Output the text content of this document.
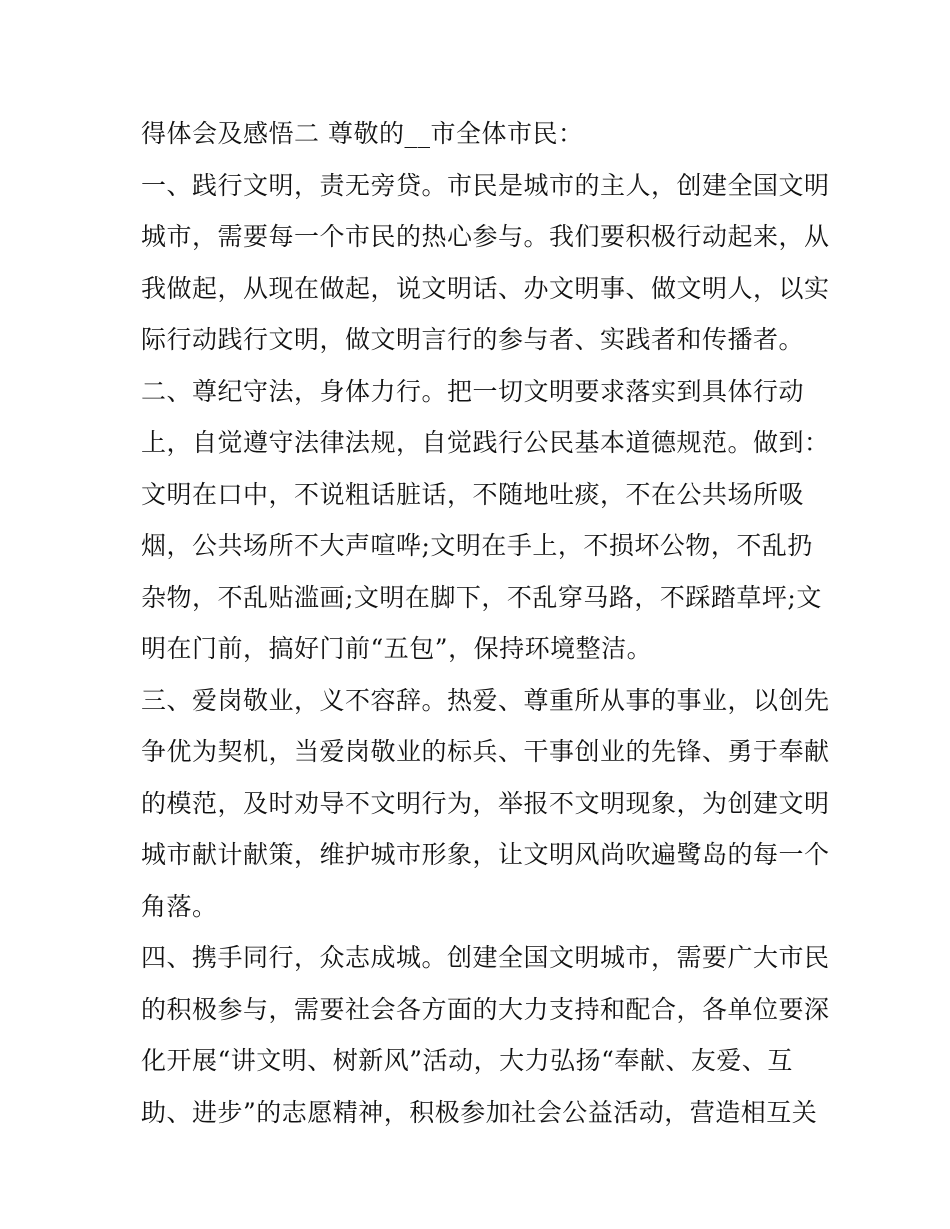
得体会及感悟二 尊敬的__市全体市民：
一、践行文明，责无旁贷。市民是城市的主人，创建全国文明
城市，需要每一个市民的热心参与。我们要积极行动起来，从
我做起，从现在做起，说文明话、办文明事、做文明人，以实
际行动践行文明，做文明言行的参与者、实践者和传播者。
二、尊纪守法，身体力行。把一切文明要求落实到具体行动
上，自觉遵守法律法规，自觉践行公民基本道德规范。做到：
文明在口中，不说粗话脏话，不随地吐痰，不在公共场所吸
烟，公共场所不大声喧哗;文明在手上，不损坏公物，不乱扔
杂物，不乱贴滥画;文明在脚下，不乱穿马路，不踩踏草坪;文
明在门前，搞好门前“五包”，保持环境整洁。
三、爱岗敬业，义不容辞。热爱、尊重所从事的事业，以创先
争优为契机，当爱岗敬业的标兵、干事创业的先锋、勇于奉献
的模范，及时劝导不文明行为，举报不文明现象，为创建文明
城市献计献策，维护城市形象，让文明风尚吹遍鹭岛的每一个
角落。
四、携手同行，众志成城。创建全国文明城市，需要广大市民
的积极参与，需要社会各方面的大力支持和配合，各单位要深
化开展“讲文明、树新风”活动，大力弘扬“奉献、友爱、互
助、进步”的志愿精神，积极参加社会公益活动，营造相互关
